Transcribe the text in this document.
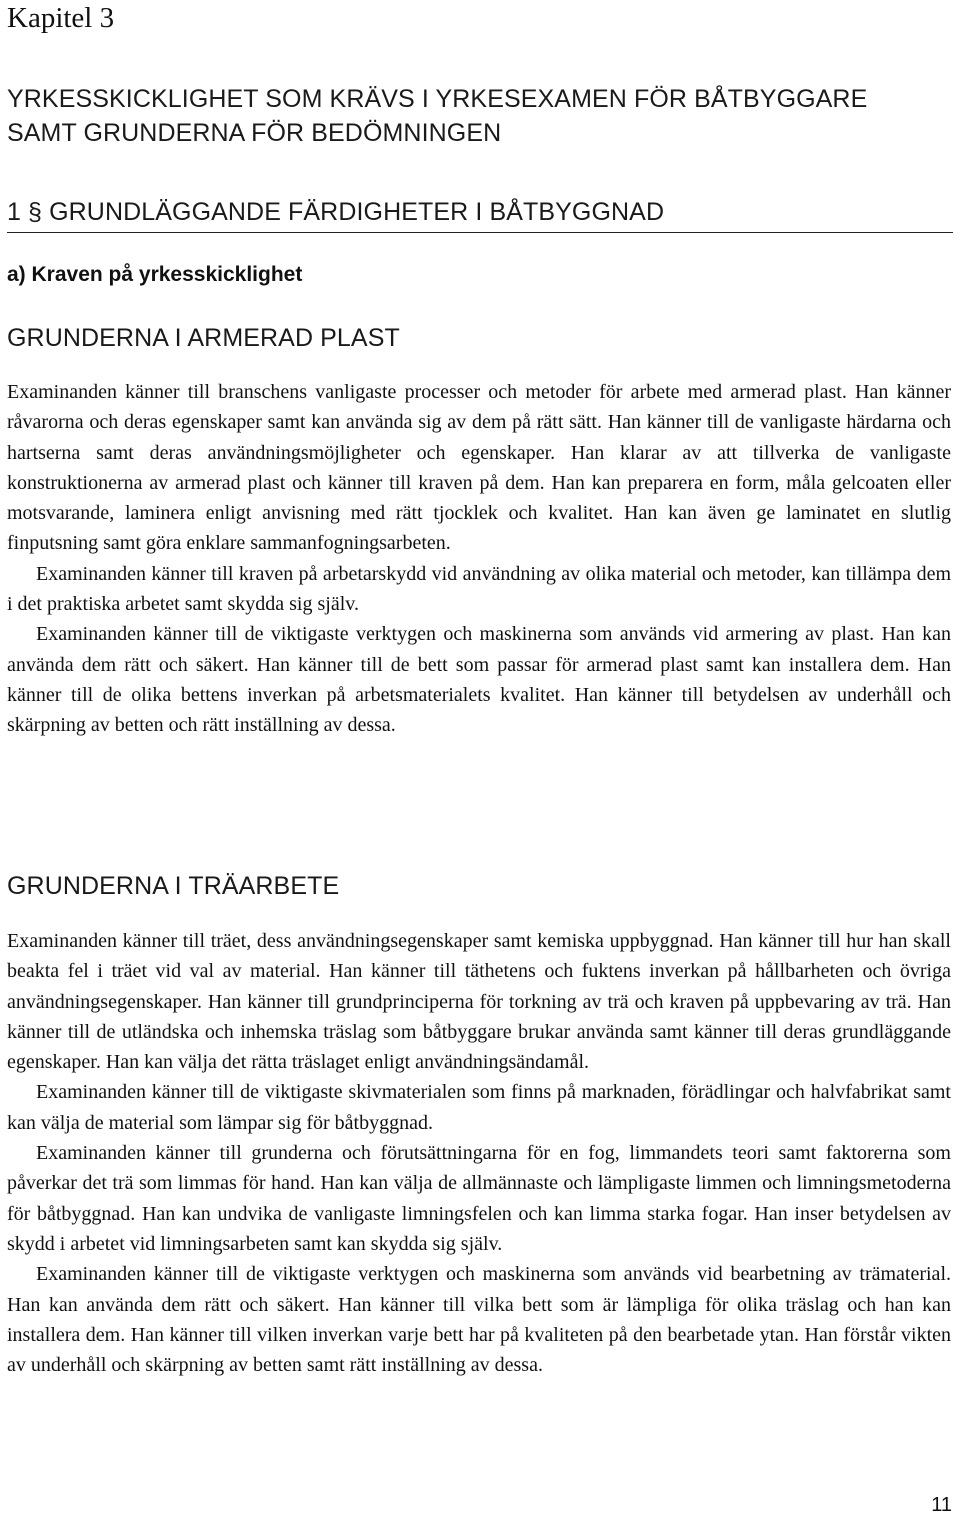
Kapitel 3
YRKESSKICKLIGHET SOM KRÄVS I YRKESEXAMEN FÖR BÅTBYGGARE
SAMT GRUNDERNA FÖR BEDÖMNINGEN
1 § GRUNDLÄGGANDE FÄRDIGHETER I BÅTBYGGNAD
a) Kraven på yrkesskicklighet
GRUNDERNA I ARMERAD PLAST

Examinanden känner till branschens vanligaste processer och metoder för arbete med armerad plast. Han känner råvarorna och deras egenskaper samt kan använda sig av dem på rätt sätt. Han känner till de vanligaste härdarna och hartserna samt deras användningsmöjligheter och egenskaper. Han klarar av att tillverka de vanligaste konstruktionerna av armerad plast och känner till kraven på dem. Han kan preparera en form, måla gelcoaten eller motsvarande, laminera enligt anvisning med rätt tjocklek och kvalitet. Han kan även ge laminatet en slutlig finputsning samt göra enklare sammanfogningsarbeten.

Examinanden känner till kraven på arbetarskydd vid användning av olika material och metoder, kan tillämpa dem i det praktiska arbetet samt skydda sig själv.

Examinanden känner till de viktigaste verktygen och maskinerna som används vid armering av plast. Han kan använda dem rätt och säkert. Han känner till de bett som passar för armerad plast samt kan installera dem. Han känner till de olika bettens inverkan på arbetsmaterialets kvalitet. Han känner till betydelsen av underhåll och skärpning av betten och rätt inställning av dessa.

GRUNDERNA I TRÄARBETE

Examinanden känner till träet, dess användningsegenskaper samt kemiska uppbyggnad. Han känner till hur han skall beakta fel i träet vid val av material. Han känner till täthetens och fuktens inverkan på hållbarheten och övriga användningsegenskaper. Han känner till grundprinciperna för torkning av trä och kraven på uppbevaring av trä. Han känner till de utländska och inhemska träslag som båtbyggare brukar använda samt känner till deras grundläggande egenskaper. Han kan välja det rätta träslaget enligt användningsändamål.

Examinanden känner till de viktigaste skivmaterialen som finns på marknaden, förädlingar och halvfabrikat samt kan välja de material som lämpar sig för båtbyggnad.

Examinanden känner till grunderna och förutsättningarna för en fog, limmandets teori samt faktorerna som påverkar det trä som limmas för hand. Han kan välja de allmännaste och lämpligaste limmen och limningsmetoderna för båtbyggnad. Han kan undvika de vanligaste limningsfelen och kan limma starka fogar. Han inser betydelsen av skydd i arbetet vid limningsarbeten samt kan skydda sig själv.

Examinanden känner till de viktigaste verktygen och maskinerna som används vid bearbetning av trämaterial. Han kan använda dem rätt och säkert. Han känner till vilka bett som är lämpliga för olika träslag och han kan installera dem. Han känner till vilken inverkan varje bett har på kvaliteten på den bearbetade ytan. Han förstår vikten av underhåll och skärpning av betten samt rätt inställning av dessa.

11
